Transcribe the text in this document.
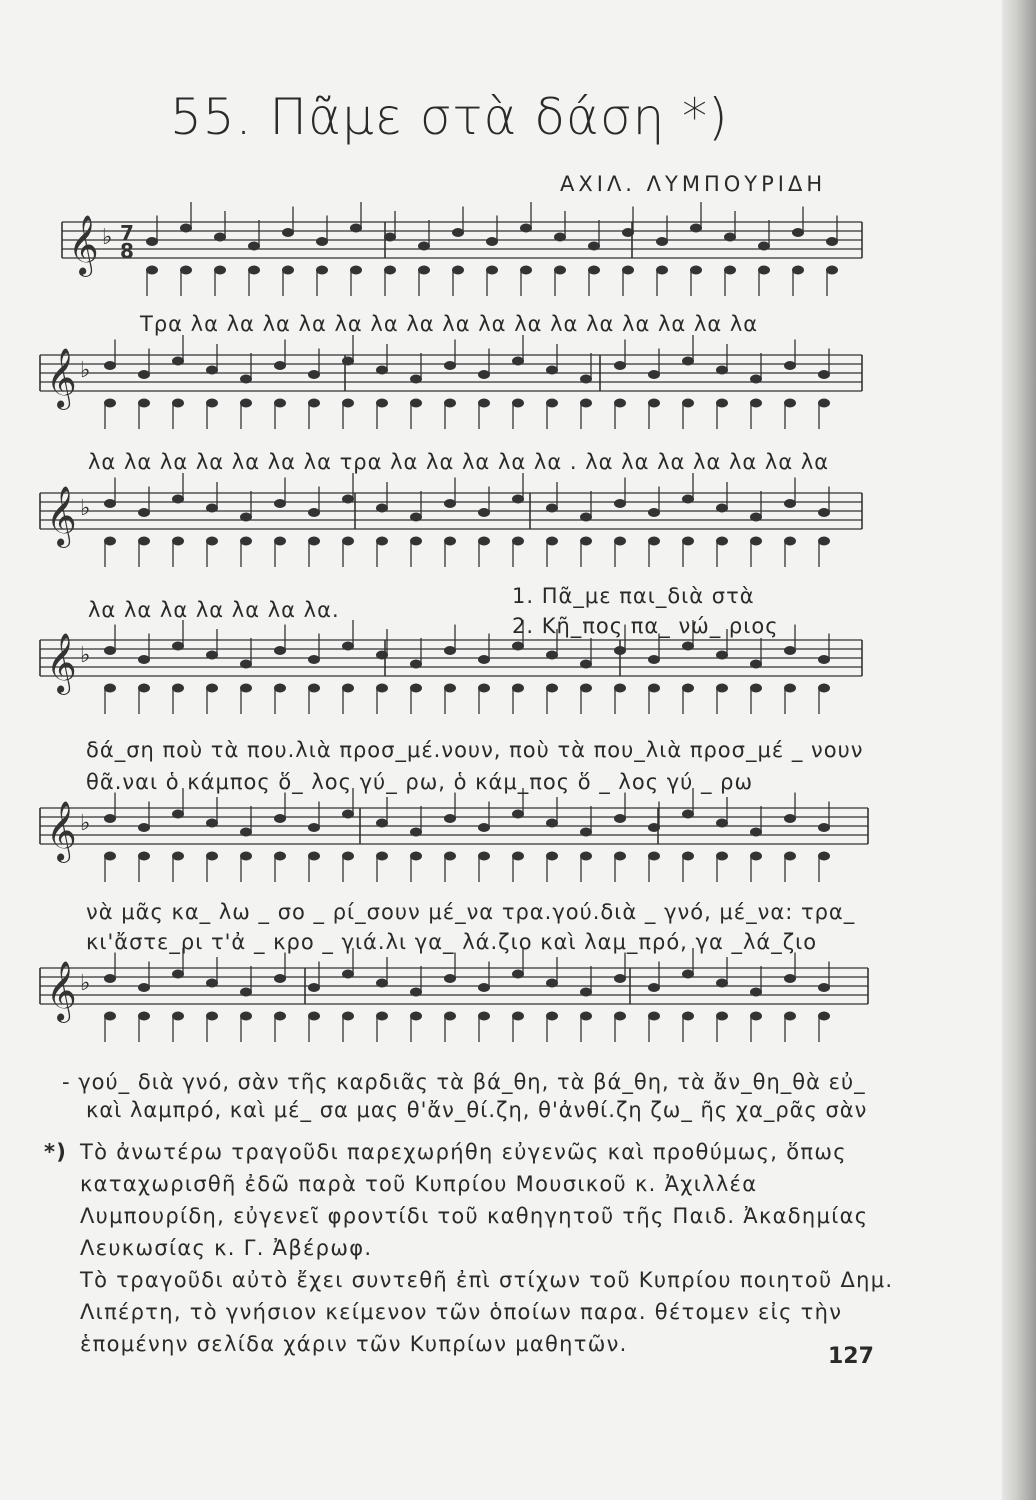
55. Πᾶμε στὰ δάση *)
ΑΧΙΛ. ΛΥΜΠΟΥΡΙΔΗ
𝄞 ♭ 7
8
𝄞 ♭
𝄞 ♭
𝄞 ♭
𝄞 ♭
𝄞 ♭
Τρα λα λα λα λα λα λα λα λα λα λα λα λα λα λα λα λα
λα λα λα λα λα λα λα τρα λα λα λα λα λα . λα λα λα λα λα λα λα
λα λα λα λα λα λα λα.
1. Πᾶ_με παι_διὰ στὰ
2. Κῆ_πος πα_ νώ_ ριος
δά_ση ποὺ τὰ που.λιὰ προσ_μέ.νουν, ποὺ τὰ που_λιὰ προσ_μέ _ νουν
θᾶ.ναι ὁ κάμπος ὅ_ λος γύ_ ρω, ὁ κάμ_πος ὅ _ λος γύ _ ρω
νὰ μᾶς κα_ λω _ σο _ ρί_σουν μέ_να τρα.γού.διὰ _ γνό, μέ_να: τρα_
κι'ἄστε_ρι τ'ἀ _ κρο _ γιά.λι γα_ λά.ζιο καὶ λαμ_πρό, γα _λά_ζιο
- γού_ διὰ γνό, σὰν τῆς καρδιᾶς τὰ βά_θη, τὰ βά_θη, τὰ ἄν_θη_θὰ εὐ_
καὶ λαμπρό, καὶ μέ_ σα μας θ'ἄν_θί.ζη, θ'ἀνθί.ζη ζω_ ῆς χα_ρᾶς σὰν
*) Τὸ ἀνωτέρω τραγοῦδι παρεχωρήθη εὐγενῶς καὶ προθύμως, ὅπως καταχωρισθῆ ἐδῶ παρὰ τοῦ Κυπρίου Μουσικοῦ κ. Ἀχιλλέα Λυμπουρίδη, εὐγενεῖ φροντίδι τοῦ καθηγητοῦ τῆς Παιδ. Ἀκαδημίας Λευκωσίας κ. Γ. Ἀβέρωφ.

Τὸ τραγοῦδι αὐτὸ ἔχει συντεθῆ ἐπὶ στίχων τοῦ Κυπρίου ποιητοῦ Δημ. Λιπέρτη, τὸ γνήσιον κείμενον τῶν ὁποίων παρα. θέτομεν εἰς τὴν ἑπομένην σελίδα χάριν τῶν Κυπρίων μαθητῶν.	127
